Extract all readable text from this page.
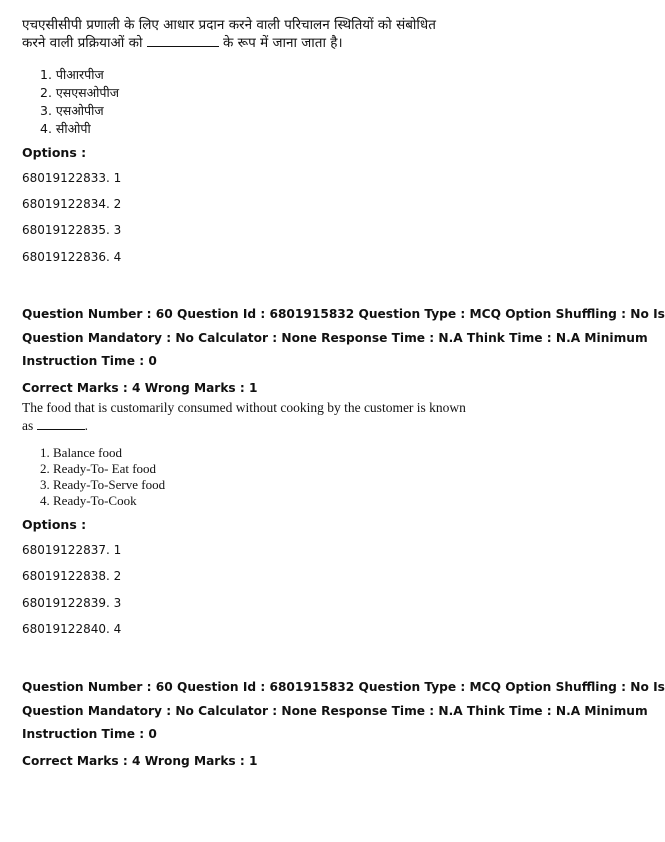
एचएसीसीपी प्रणाली के लिए आधार प्रदान करने वाली परिचालन स्थितियों को संबोधित
करने वाली प्रक्रियाओं को	के रूप में जाना जाता है।
1. पीआरपीज
2. एसएसओपीज
3. एसओपीज
4. सीओपी
Options :
68019122833. 1
68019122834. 2
68019122835. 3
68019122836. 4
Question Number : 60 Question Id : 6801915832 Question Type : MCQ Option Shuffling : No Is
Question Mandatory : No Calculator : None Response Time : N.A Think Time : N.A Minimum
Instruction Time : 0
Correct Marks : 4 Wrong Marks : 1
The food that is customarily consumed without cooking by the customer is known
as	.
1. Balance food
2. Ready-To- Eat food
3. Ready-To-Serve food
4. Ready-To-Cook
Options :
68019122837. 1
68019122838. 2
68019122839. 3
68019122840. 4
Question Number : 60 Question Id : 6801915832 Question Type : MCQ Option Shuffling : No Is
Question Mandatory : No Calculator : None Response Time : N.A Think Time : N.A Minimum
Instruction Time : 0
Correct Marks : 4 Wrong Marks : 1
